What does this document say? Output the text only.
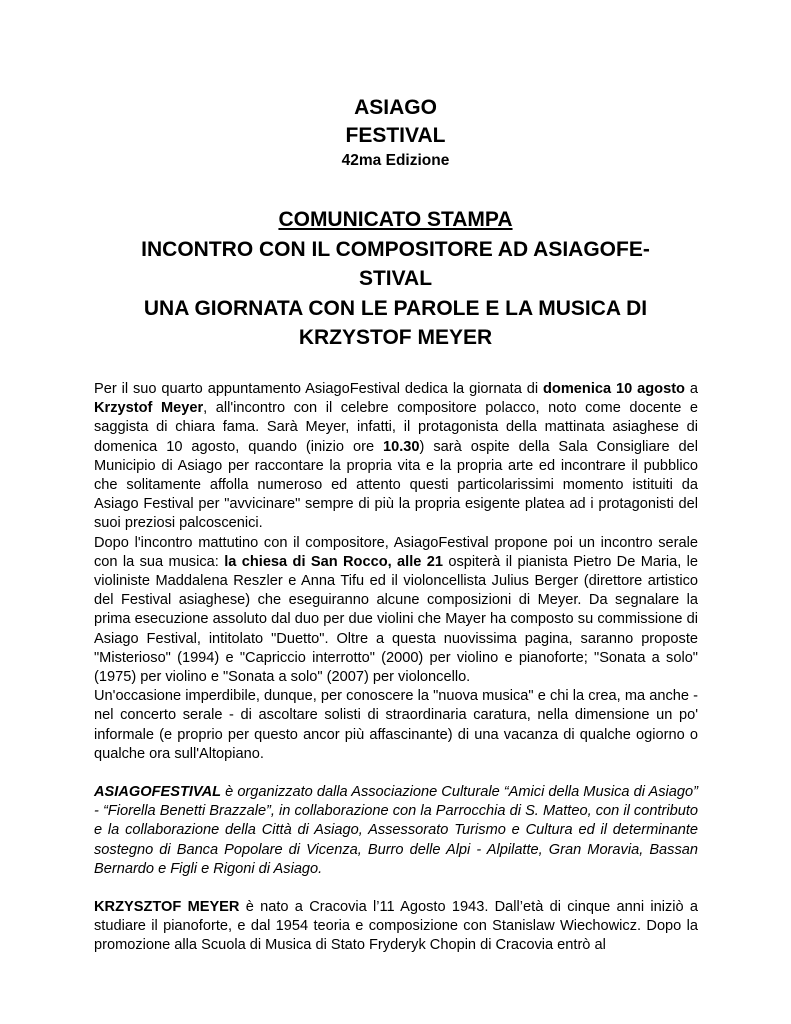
ASIAGO
FESTIVAL
42ma Edizione
COMUNICATO STAMPA
INCONTRO CON IL COMPOSITORE AD ASIAGOFE-
STIVAL
UNA GIORNATA CON LE PAROLE E LA MUSICA DI
KRZYSTOF MEYER

Per il suo quarto appuntamento AsiagoFestival dedica la giornata di domenica 10 agosto a Krzystof Meyer, all'incontro con il celebre compositore polacco, noto come docente e saggista di chiara fama. Sarà Meyer, infatti, il protagonista della mattinata asiaghese di domenica 10 agosto, quando (inizio ore 10.30) sarà ospite della Sala Consigliare del Municipio di Asiago per raccontare la propria vita e la propria arte ed incontrare il pubblico che solitamente affolla numeroso ed attento questi particolarissimi momento istituiti da Asiago Festival per "avvicinare" sempre di più la propria esigente platea ad i protagonisti del suoi preziosi palcoscenici.

Dopo l'incontro mattutino con il compositore, AsiagoFestival propone poi un incontro serale con la sua musica: la chiesa di San Rocco, alle 21 ospiterà il pianista Pietro De Maria, le violiniste Maddalena Reszler e Anna Tifu ed il violoncellista Julius Berger (direttore artistico del Festival asiaghese) che eseguiranno alcune composizioni di Meyer. Da segnalare la prima esecuzione assoluto dal duo per due violini che Mayer ha composto su commissione di Asiago Festival, intitolato "Duetto". Oltre a questa nuovissima pagina, saranno proposte "Misterioso" (1994) e "Capriccio interrotto" (2000) per violino e pianoforte; "Sonata a solo" (1975) per violino e "Sonata a solo" (2007) per violoncello.

Un'occasione imperdibile, dunque, per conoscere la "nuova musica" e chi la crea, ma anche - nel concerto serale - di ascoltare solisti di straordinaria caratura, nella dimensione un po' informale (e proprio per questo ancor più affascinante) di una vacanza di qualche ogiorno o qualche ora sull'Altopiano.

ASIAGOFESTIVAL è organizzato dalla Associazione Culturale “Amici della Musica di Asiago” - “Fiorella Benetti Brazzale”, in collaborazione con la Parrocchia di S. Matteo, con il contributo e la collaborazione della Città di Asiago, Assessorato Turismo e Cultura ed il determinante sostegno di Banca Popolare di Vicenza, Burro delle Alpi - Alpilatte, Gran Moravia, Bassan Bernardo e Figli e Rigoni di Asiago.

KRZYSZTOF MEYER è nato a Cracovia l’11 Agosto 1943. Dall’età di cinque anni iniziò a studiare il pianoforte, e dal 1954 teoria e composizione con Stanislaw Wiechowicz. Dopo la promozione alla Scuola di Musica di Stato Fryderyk Chopin di Cracovia entrò al
